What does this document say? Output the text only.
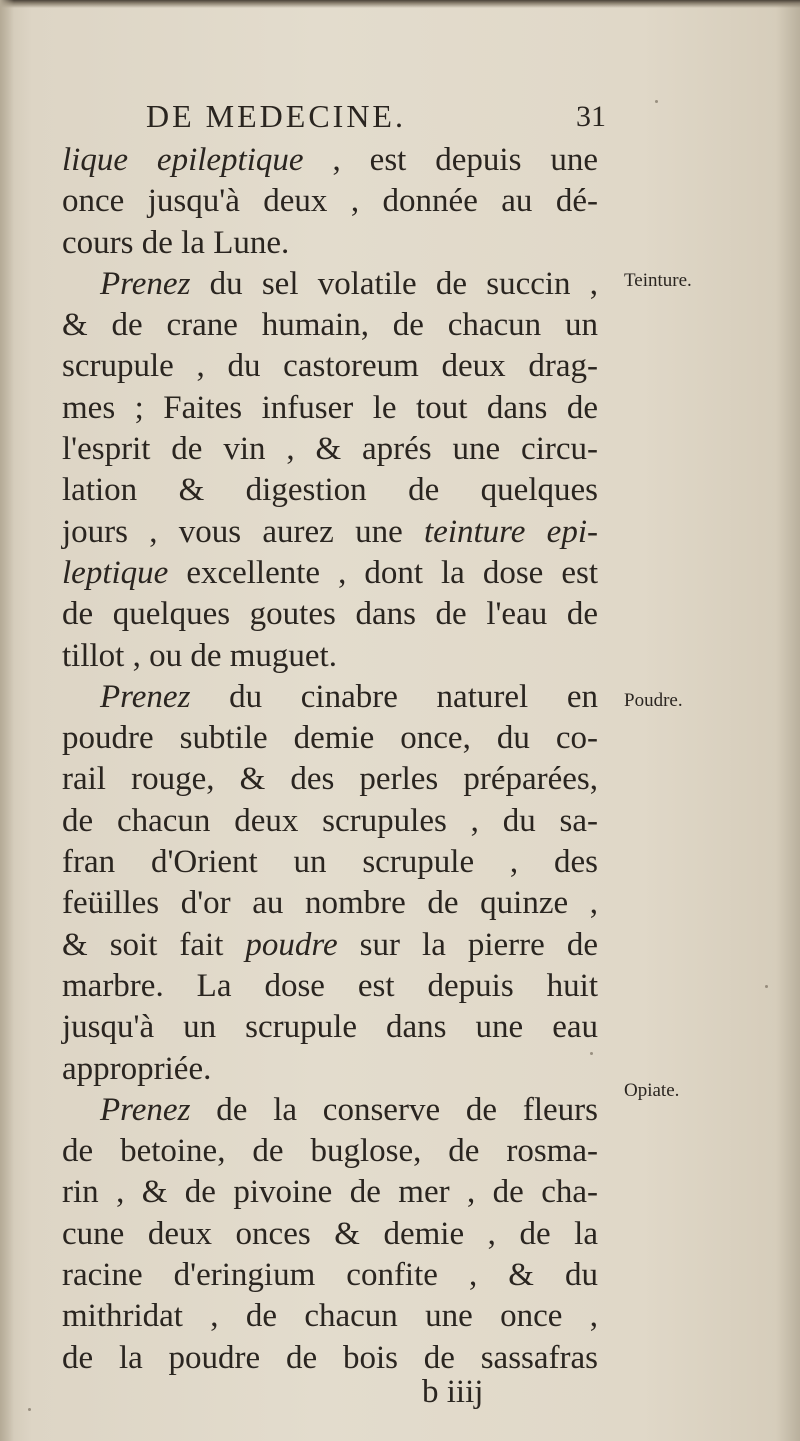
DE MEDECINE.	31
lique epileptique , est depuis une
once jusqu'à deux , donnée au dé-
cours de la Lune.
Prenez du sel volatile de succin ,
& de crane humain, de chacun un
scrupule , du castoreum deux drag-
mes ; Faites infuser le tout dans de
l'esprit de vin , & aprés une circu-
lation & digestion de quelques
jours , vous aurez une teinture epi-
leptique excellente , dont la dose est
de quelques goutes dans de l'eau de
tillot , ou de muguet.
Prenez du cinabre naturel en
poudre subtile demie once, du co-
rail rouge, & des perles préparées,
de chacun deux scrupules , du sa-
fran d'Orient un scrupule , des
feüilles d'or au nombre de quinze ,
& soit fait poudre sur la pierre de
marbre. La dose est depuis huit
jusqu'à un scrupule dans une eau
appropriée.
Prenez de la conserve de fleurs
de betoine, de buglose, de rosma-
rin , & de pivoine de mer , de cha-
cune deux onces & demie , de la
racine d'eringium confite , & du
mithridat , de chacun une once ,
de la poudre de bois de sassafras
Teinture.
Poudre.
Opiate.
b iiij
